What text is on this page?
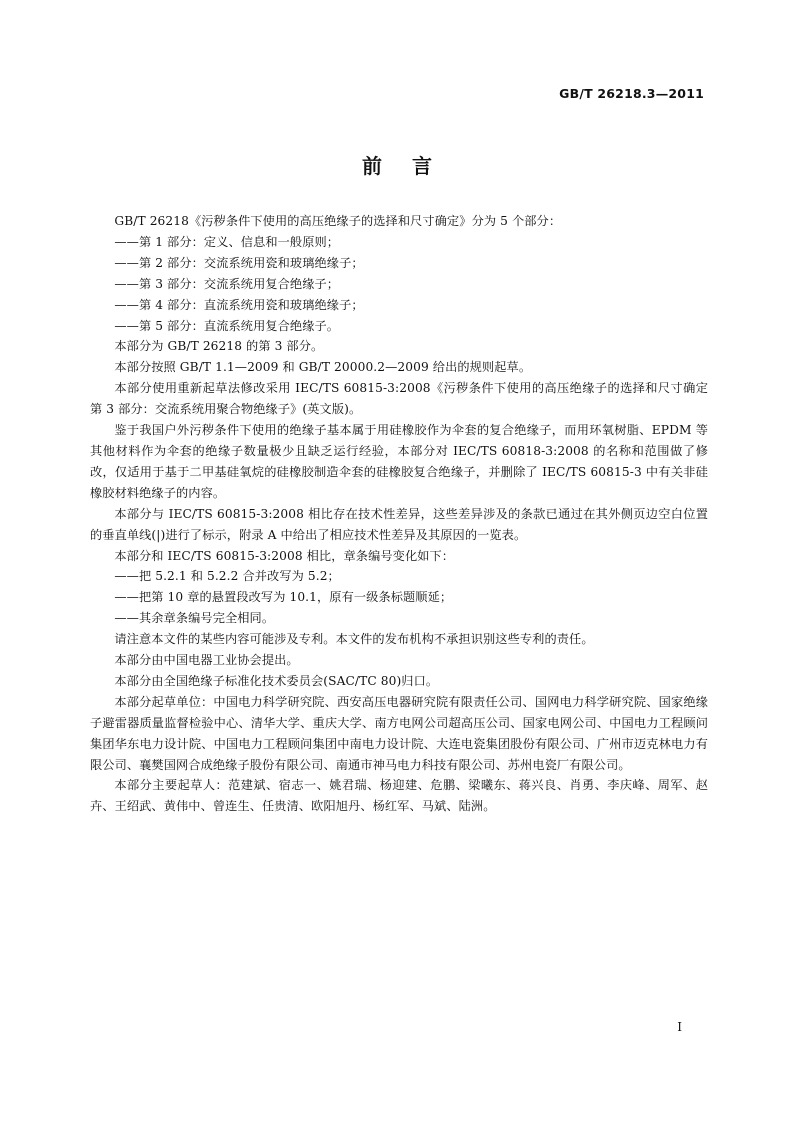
GB/T 26218.3—2011
前言

GB/T 26218《污秽条件下使用的高压绝缘子的选择和尺寸确定》分为 5 个部分：

——第 1 部分：定义、信息和一般原则；

——第 2 部分：交流系统用瓷和玻璃绝缘子；

——第 3 部分：交流系统用复合绝缘子；

——第 4 部分：直流系统用瓷和玻璃绝缘子；

——第 5 部分：直流系统用复合绝缘子。

本部分为 GB/T 26218 的第 3 部分。

本部分按照 GB/T 1.1—2009 和 GB/T 20000.2—2009 给出的规则起草。

本部分使用重新起草法修改采用 IEC/TS 60815-3:2008《污秽条件下使用的高压绝缘子的选择和尺寸确定　第 3 部分：交流系统用聚合物绝缘子》(英文版)。

鉴于我国户外污秽条件下使用的绝缘子基本属于用硅橡胶作为伞套的复合绝缘子，而用环氧树脂、EPDM 等其他材料作为伞套的绝缘子数量极少且缺乏运行经验，本部分对 IEC/TS 60818-3:2008 的名称和范围做了修改，仅适用于基于二甲基硅氧烷的硅橡胶制造伞套的硅橡胶复合绝缘子，并删除了 IEC/TS 60815-3 中有关非硅橡胶材料绝缘子的内容。

本部分与 IEC/TS 60815-3:2008 相比存在技术性差异，这些差异涉及的条款已通过在其外侧页边空白位置的垂直单线(|)进行了标示，附录 A 中给出了相应技术性差异及其原因的一览表。

本部分和 IEC/TS 60815-3:2008 相比，章条编号变化如下：

——把 5.2.1 和 5.2.2 合并改写为 5.2；

——把第 10 章的悬置段改写为 10.1，原有一级条标题顺延；

——其余章条编号完全相同。

请注意本文件的某些内容可能涉及专利。本文件的发布机构不承担识别这些专利的责任。

本部分由中国电器工业协会提出。

本部分由全国绝缘子标准化技术委员会(SAC/TC 80)归口。

本部分起草单位：中国电力科学研究院、西安高压电器研究院有限责任公司、国网电力科学研究院、国家绝缘子避雷器质量监督检验中心、清华大学、重庆大学、南方电网公司超高压公司、国家电网公司、中国电力工程顾问集团华东电力设计院、中国电力工程顾问集团中南电力设计院、大连电瓷集团股份有限公司、广州市迈克林电力有限公司、襄樊国网合成绝缘子股份有限公司、南通市神马电力科技有限公司、苏州电瓷厂有限公司。

本部分主要起草人：范建斌、宿志一、姚君瑞、杨迎建、危鹏、梁曦东、蒋兴良、肖勇、李庆峰、周军、赵卉、王绍武、黄伟中、曾连生、任贵清、欧阳旭丹、杨红军、马斌、陆洲。

I
